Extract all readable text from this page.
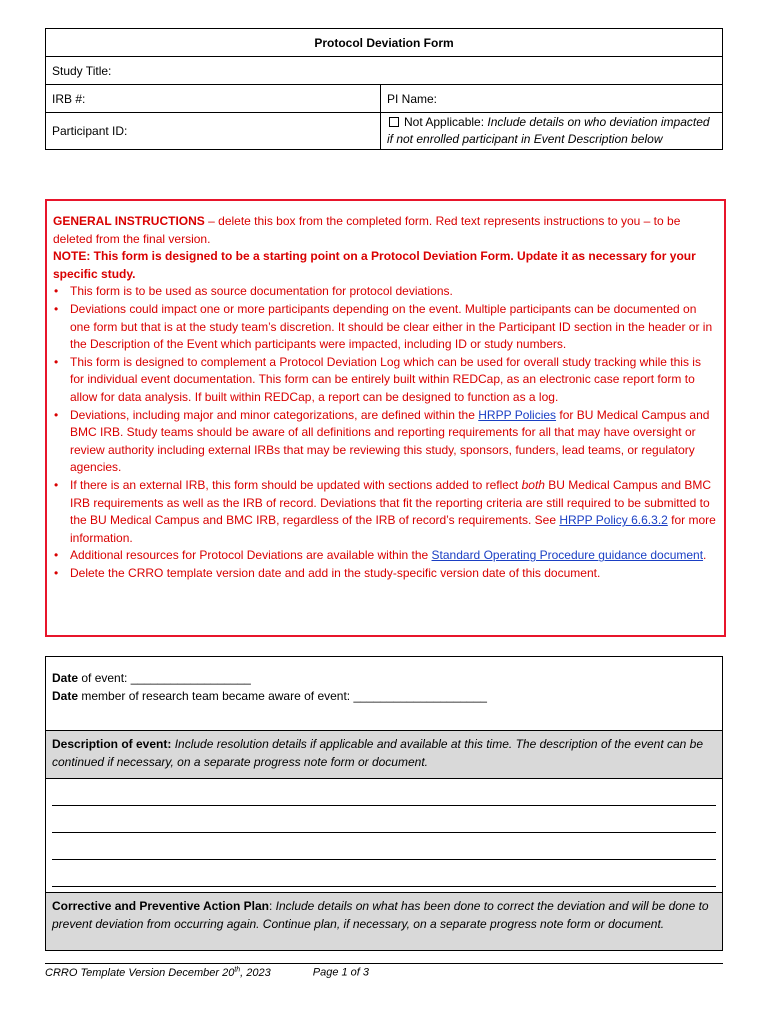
Protocol Deviation Form	
Study Title:	
IRB #:	PI Name:
Participant ID:	Not Applicable: Include details on who deviation impacted if not enrolled participant in Event Description below

GENERAL INSTRUCTIONS – delete this box from the completed form. Red text represents instructions to you – to be deleted from the final version.

NOTE: This form is designed to be a starting point on a Protocol Deviation Form. Update it as necessary for your specific study.

• This form is to be used as source documentation for protocol deviations.
• Deviations could impact one or more participants depending on the event. Multiple participants can be documented on one form but that is at the study team’s discretion. It should be clear either in the Participant ID section in the header or in the Description of the Event which participants were impacted, including ID or study numbers.
• This form is designed to complement a Protocol Deviation Log which can be used for overall study tracking while this is for individual event documentation. This form can be entirely built within REDCap, as an electronic case report form to allow for data analysis. If built within REDCap, a report can be designed to function as a log.
• Deviations, including major and minor categorizations, are defined within the HRPP Policies for BU Medical Campus and BMC IRB. Study teams should be aware of all definitions and reporting requirements for all that may have oversight or review authority including external IRBs that may be reviewing this study, sponsors, funders, lead teams, or regulatory agencies.
• If there is an external IRB, this form should be updated with sections added to reflect both BU Medical Campus and BMC IRB requirements as well as the IRB of record. Deviations that fit the reporting criteria are still required to be submitted to the BU Medical Campus and BMC IRB, regardless of the IRB of record’s requirements. See HRPP Policy 6.6.3.2 for more information.
• Additional resources for Protocol Deviations are available within the Standard Operating Procedure guidance document.
• Delete the CRRO template version date and add in the study-specific version date of this document.
Date of event: __________________
Date member of research team became aware of event: ____________________

Description of event: Include resolution details if applicable and available at this time. The description of the event can be continued if necessary, on a separate progress note form or document.

Corrective and Preventive Action Plan: Include details on what has been done to correct the deviation and will be done to prevent deviation from occurring again. Continue plan, if necessary, on a separate progress note form or document.
CRRO Template Version December 20th, 2023	Page 1 of 3
